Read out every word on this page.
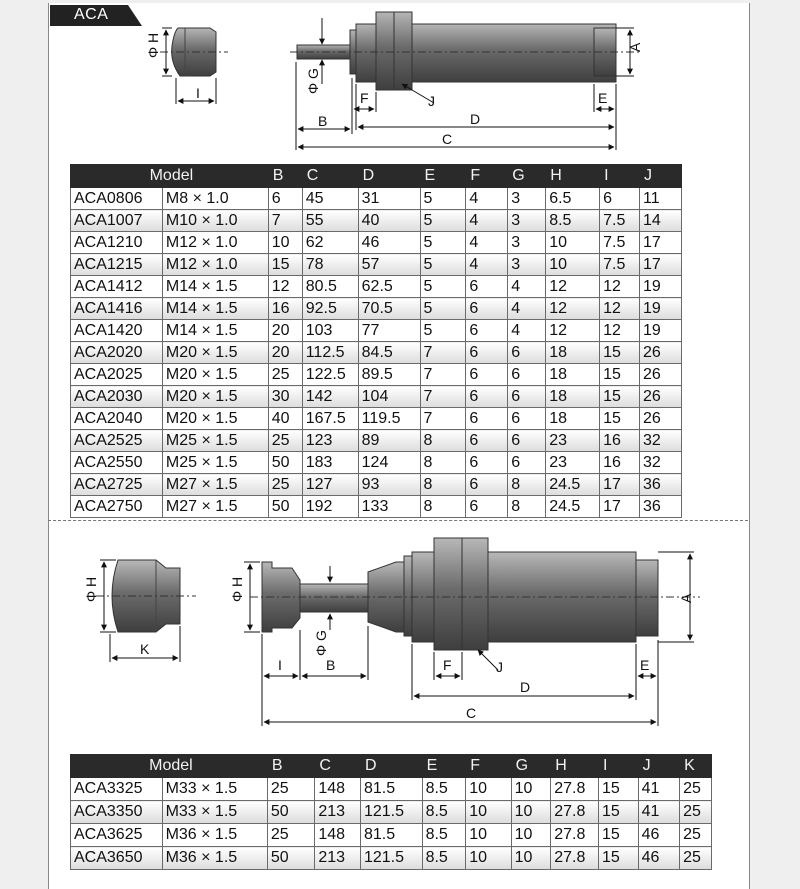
ACA
Φ H
I	Φ G
A
F	J	E
D
B
C
Model		B	C	D	E	F	G	H	I	J
ACA0806	M8 × 1.0	6	45	31	5	4	3	6.5	6	11
ACA1007	M10 × 1.0	7	55	40	5	4	3	8.5	7.5	14
ACA1210	M12 × 1.0	10	62	46	5	4	3	10	7.5	17
ACA1215	M12 × 1.0	15	78	57	5	4	3	10	7.5	17
ACA1412	M14 × 1.5	12	80.5	62.5	5	6	4	12	12	19
ACA1416	M14 × 1.5	16	92.5	70.5	5	6	4	12	12	19
ACA1420	M14 × 1.5	20	103	77	5	6	4	12	12	19
ACA2020	M20 × 1.5	20	112.5	84.5	7	6	6	18	15	26
ACA2025	M20 × 1.5	25	122.5	89.5	7	6	6	18	15	26
ACA2030	M20 × 1.5	30	142	104	7	6	6	18	15	26
ACA2040	M20 × 1.5	40	167.5	119.5	7	6	6	18	15	26
ACA2525	M25 × 1.5	25	123	89	8	6	6	23	16	32
ACA2550	M25 × 1.5	50	183	124	8	6	6	23	16	32
ACA2725	M27 × 1.5	25	127	93	8	6	8	24.5	17	36
ACA2750	M27 × 1.5	50	192	133	8	6	8	24.5	17	36
Φ H
K
Φ H
Φ G
A
I	B	F	J	E
D
C
Model		B	C	D	E	F	G	H	I	J	K
ACA3325	M33 × 1.5	25	148	81.5	8.5	10	10	27.8	15	41	25
ACA3350	M33 × 1.5	50	213	121.5	8.5	10	10	27.8	15	41	25
ACA3625	M36 × 1.5	25	148	81.5	8.5	10	10	27.8	15	46	25
ACA3650	M36 × 1.5	50	213	121.5	8.5	10	10	27.8	15	46	25
